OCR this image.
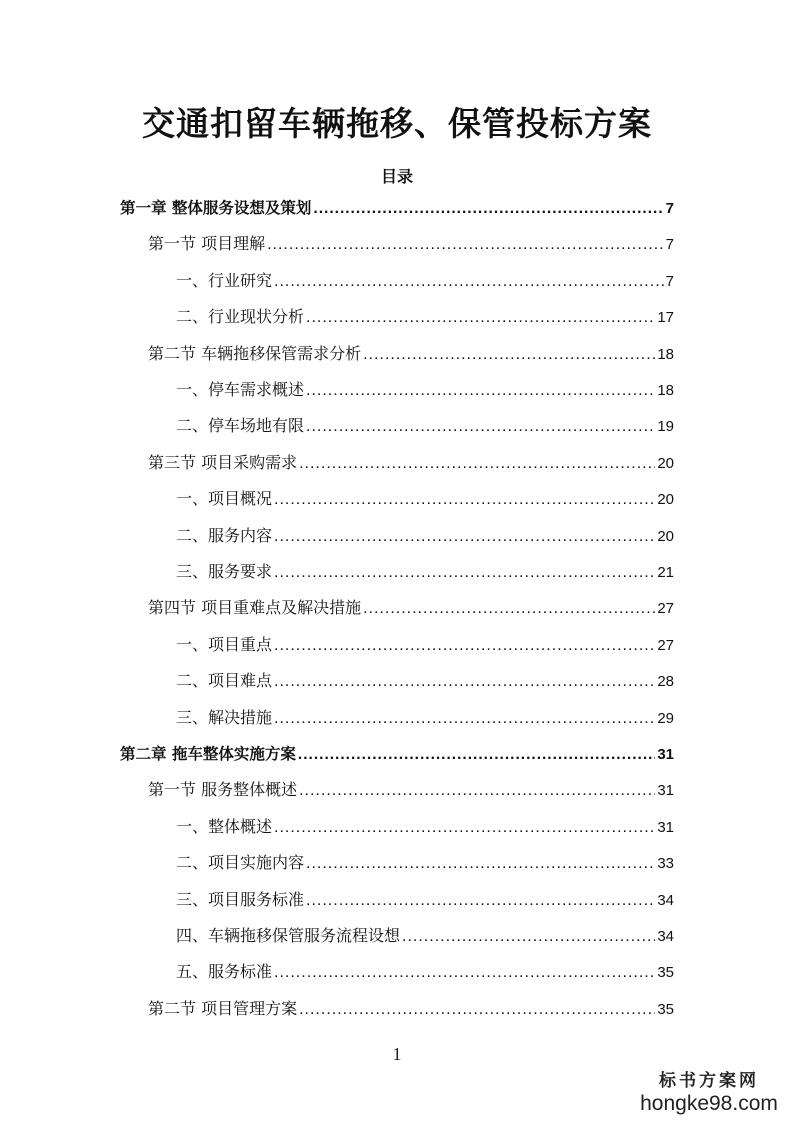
交通扣留车辆拖移、保管投标方案
目录
第一章 整体服务设想及策划 .....	7
第一节 项目理解 .....	7
一、行业研究 .....	7
二、行业现状分析 .....	17
第二节 车辆拖移保管需求分析 .....	18
一、停车需求概述 .....	18
二、停车场地有限 .....	19
第三节 项目采购需求 .....	20
一、项目概况 .....	20
二、服务内容 .....	20
三、服务要求 .....	21
第四节 项目重难点及解决措施 .....	27
一、项目重点 .....	27
二、项目难点 .....	28
三、解决措施 .....	29
第二章 拖车整体实施方案 .....	31
第一节 服务整体概述 .....	31
一、整体概述 .....	31
二、项目实施内容 .....	33
三、项目服务标准 .....	34
四、车辆拖移保管服务流程设想 .....	34
五、服务标准 .....	35
第二节 项目管理方案 .....	35
1
标书方案网
hongke98.com
